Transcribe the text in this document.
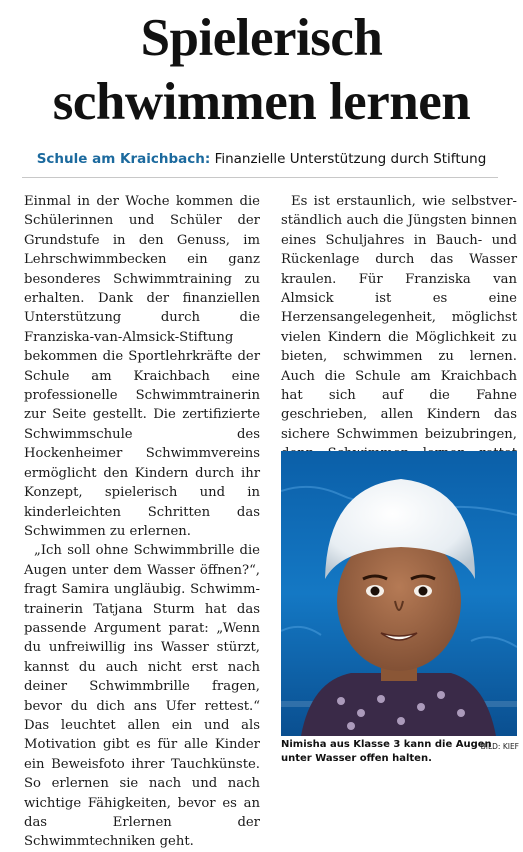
Spielerisch
schwimmen lernen
Schule am Kraichbach: Finanzielle Unterstützung durch Stiftung

Einmal in der Woche kommen die Schülerinnen und Schüler der Grundstufe in den Genuss, im Lehrschwimmbecken ein ganz besonderes Schwimmtraining zu erhalten. Dank der finanziellen Unterstützung durch die Franziska-van-Almsick-Stiftung bekommen die Sportlehrkräfte der Schule am Kraichbach eine professionelle Schwimmtrainerin zur Seite gestellt. Die zertifizierte Schwimmschule des Hockenheimer Schwimmvereins ermöglicht den Kindern durch ihr Konzept, spielerisch und in kinderleichten Schritten das Schwimmen zu erlernen.

„Ich soll ohne Schwimmbrille die Augen unter dem Wasser öffnen?“, fragt Samira ungläubig. Schwimmtrainerin Tatjana Sturm hat das passende Argument parat: „Wenn du unfreiwillig ins Wasser stürzt, kannst du auch nicht erst nach deiner Schwimmbrille fragen, bevor du dich ans Ufer rettest.“ Das leuchtet allen ein und als Motivation gibt es für alle Kinder ein Beweisfoto ihrer Tauchkünste. So erlernen sie nach und nach wichtige Fähigkeiten, bevor es an das Erlernen der Schwimmtechniken geht.

Es ist erstaunlich, wie selbstverständlich auch die Jüngsten binnen eines Schuljahres in Bauch- und Rückenlage durch das Wasser kraulen. Für Franziska van Almsick ist es eine Herzensangelegenheit, möglichst vielen Kindern die Möglichkeit zu bieten, schwimmen zu lernen. Auch die Schule am Kraichbach hat sich auf die Fahne geschrieben, allen Kindern das sichere Schwimmen beizubringen,

Nimisha aus Klasse 3 kann die Augen
unter Wasser offen halten.
BILD: KIEF
